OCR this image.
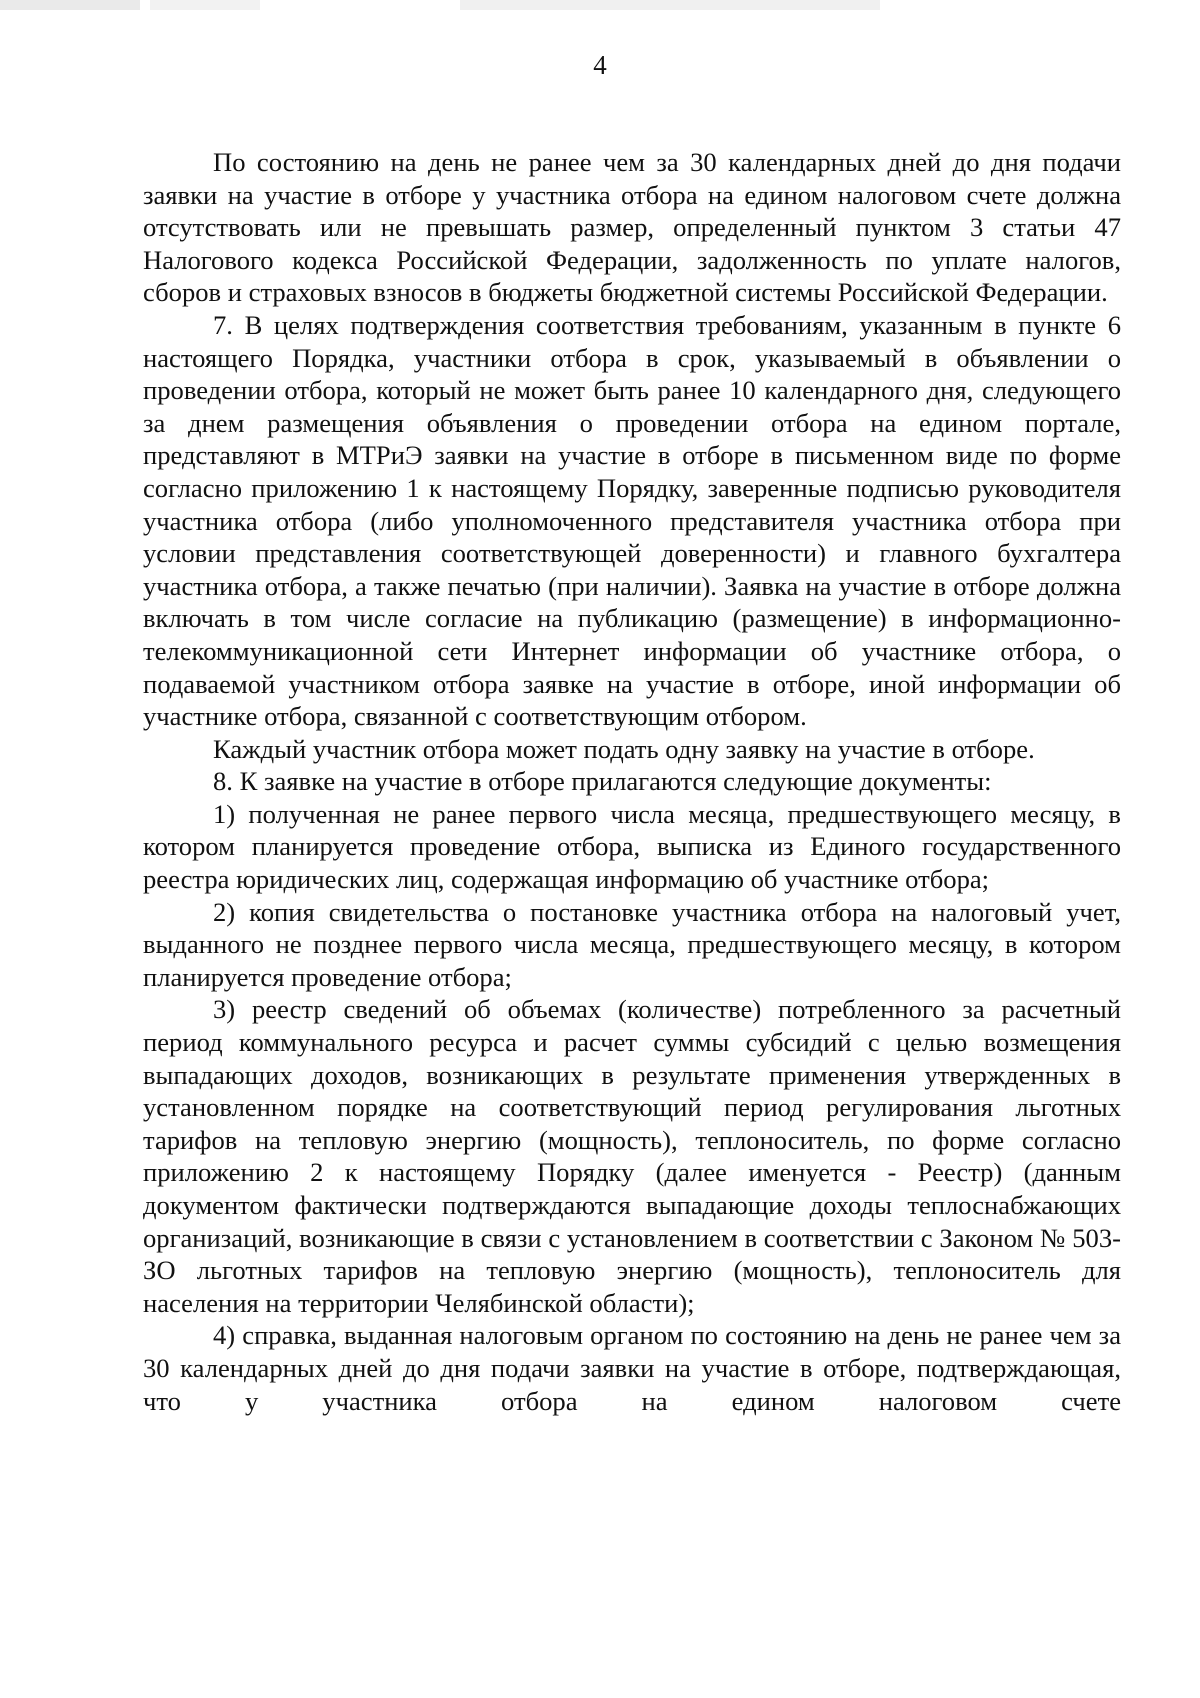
4

По состоянию на день не ранее чем за 30 календарных дней до дня подачи заявки на участие в отборе у участника отбора на едином налоговом счете должна отсутствовать или не превышать размер, определенный пунктом 3 статьи 47 Налогового кодекса Российской Федерации, задолженность по уплате налогов, сборов и страховых взносов в бюджеты бюджетной системы Российской Федерации.

7. В целях подтверждения соответствия требованиям, указанным в пункте 6 настоящего Порядка, участники отбора в срок, указываемый в объявлении о проведении отбора, который не может быть ранее 10 календарного дня, следующего за днем размещения объявления о проведении отбора на едином портале, представляют в МТРиЭ заявки на участие в отборе в письменном виде по форме согласно приложению 1 к настоящему Порядку, заверенные подписью руководителя участника отбора (либо уполномоченного представителя участника отбора при условии представления соответствующей доверенности) и главного бухгалтера участника отбора, а также печатью (при наличии). Заявка на участие в отборе должна включать в том числе согласие на публикацию (размещение) в информационно-телекоммуникационной сети Интернет информации об участнике отбора, о подаваемой участником отбора заявке на участие в отборе, иной информации об участнике отбора, связанной с соответствующим отбором.

Каждый участник отбора может подать одну заявку на участие в отборе.

8. К заявке на участие в отборе прилагаются следующие документы:

1) полученная не ранее первого числа месяца, предшествующего месяцу, в котором планируется проведение отбора, выписка из Единого государственного реестра юридических лиц, содержащая информацию об участнике отбора;

2) копия свидетельства о постановке участника отбора на налоговый учет, выданного не позднее первого числа месяца, предшествующего месяцу, в котором планируется проведение отбора;

3) реестр сведений об объемах (количестве) потребленного за расчетный период коммунального ресурса и расчет суммы субсидий с целью возмещения выпадающих доходов, возникающих в результате применения утвержденных в установленном порядке на соответствующий период регулирования льготных тарифов на тепловую энергию (мощность), теплоноситель, по форме согласно приложению 2 к настоящему Порядку (далее именуется - Реестр) (данным документом фактически подтверждаются выпадающие доходы теплоснабжающих организаций, возникающие в связи с установлением в соответствии с Законом № 503-ЗО льготных тарифов на тепловую энергию (мощность), теплоноситель для населения на территории Челябинской области);

4) справка, выданная налоговым органом по состоянию на день не ранее чем за 30 календарных дней до дня подачи заявки на участие в отборе, подтверждающая, что у участника отбора на едином налоговом счете
